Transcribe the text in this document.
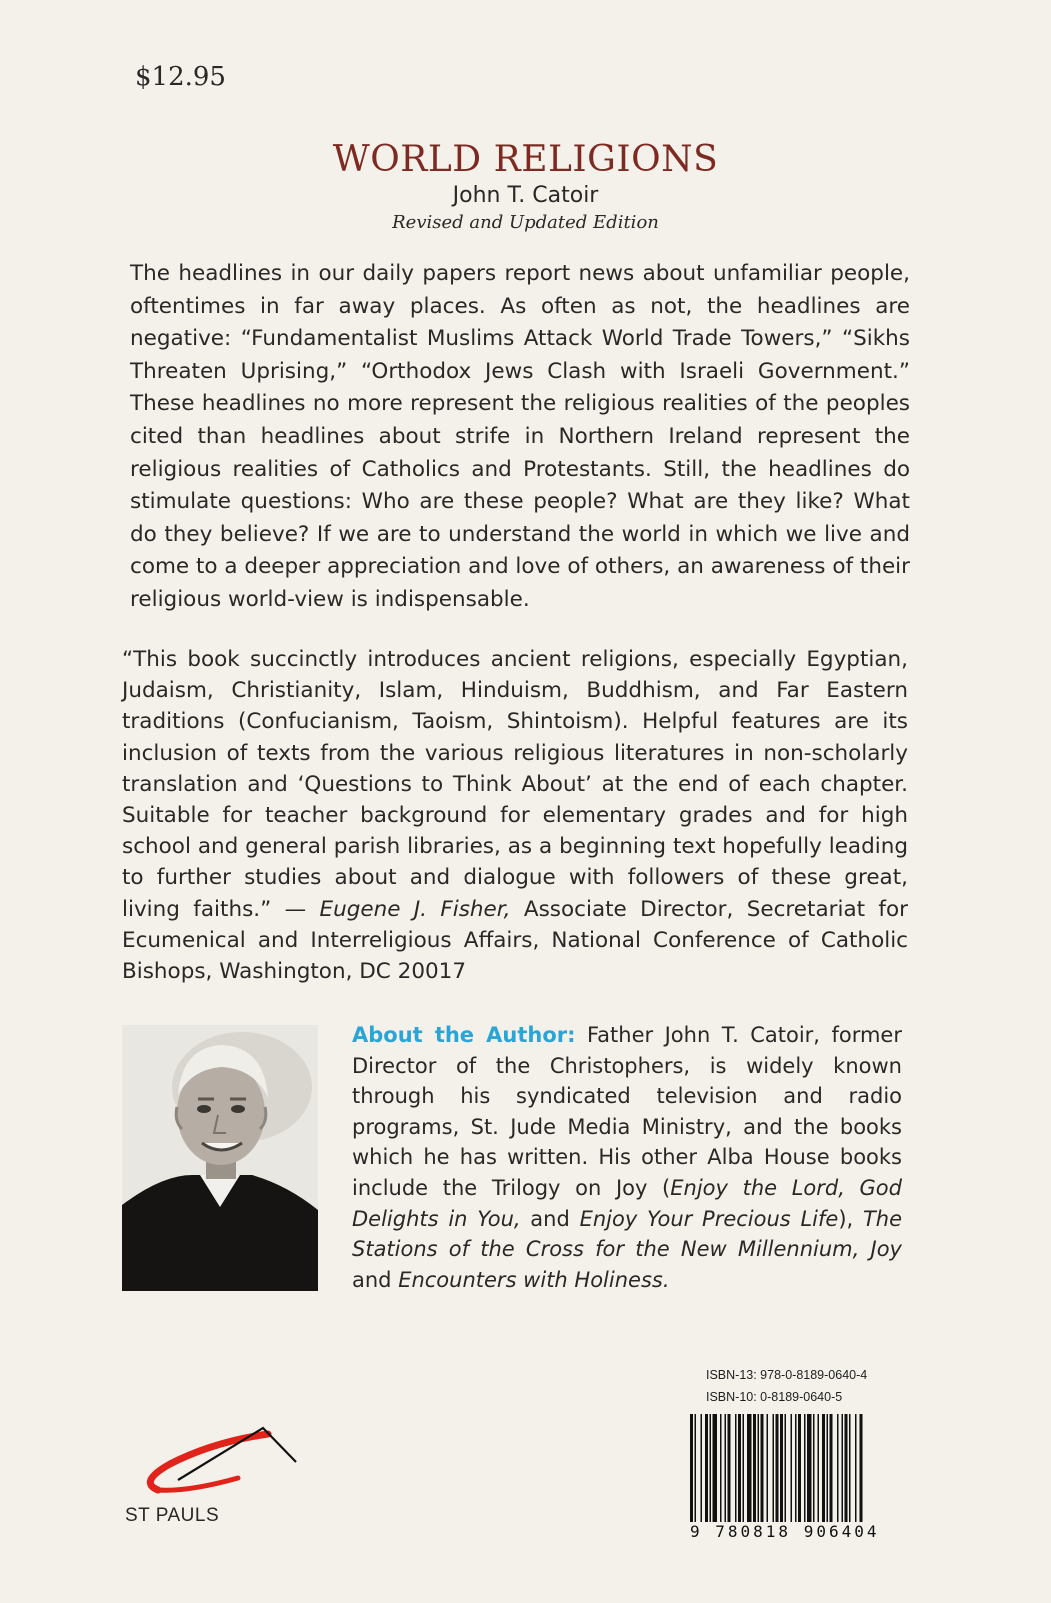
$12.95
WORLD RELIGIONS
John T. Catoir
Revised and Updated Edition

The headlines in our daily papers report news about unfamiliar people, oftentimes in far away places. As often as not, the headlines are negative: “Fundamentalist Muslims Attack World Trade Towers,” “Sikhs Threaten Uprising,” “Orthodox Jews Clash with Israeli Government.” These headlines no more represent the religious realities of the peoples cited than headlines about strife in Northern Ireland represent the religious realities of Catholics and Protestants. Still, the headlines do stimulate questions: Who are these people? What are they like? What do they believe? If we are to understand the world in which we live and come to a deeper appreciation and love of others, an awareness of their religious world-view is indispensable.

“This book succinctly introduces ancient religions, especially Egyptian, Judaism, Christianity, Islam, Hinduism, Buddhism, and Far Eastern traditions (Confucianism, Taoism, Shintoism). Helpful features are its inclusion of texts from the various religious literatures in non-scholarly translation and ‘Questions to Think About’ at the end of each chapter. Suitable for teacher background for elementary grades and for high school and general parish libraries, as a beginning text hopefully leading to further studies about and dialogue with followers of these great, living faiths.” — Eugene J. Fisher, Associate Director, Secretariat for Ecumenical and Interreligious Affairs, National Conference of Catholic Bishops, Washington, DC 20017

About the Author: Father John T. Catoir, former Director of the Christophers, is widely known through his syndicated television and radio programs, St. Jude Media Ministry, and the books which he has written. His other Alba House books include the Trilogy on Joy (Enjoy the Lord, God Delights in You, and Enjoy Your Precious Life), The Stations of the Cross for the New Millennium, Joy and Encounters with Holiness.

ISBN-13: 978-0-8189-0640-4
ISBN-10: 0-8189-0640-5
9 780818 906404
ST PAULS
